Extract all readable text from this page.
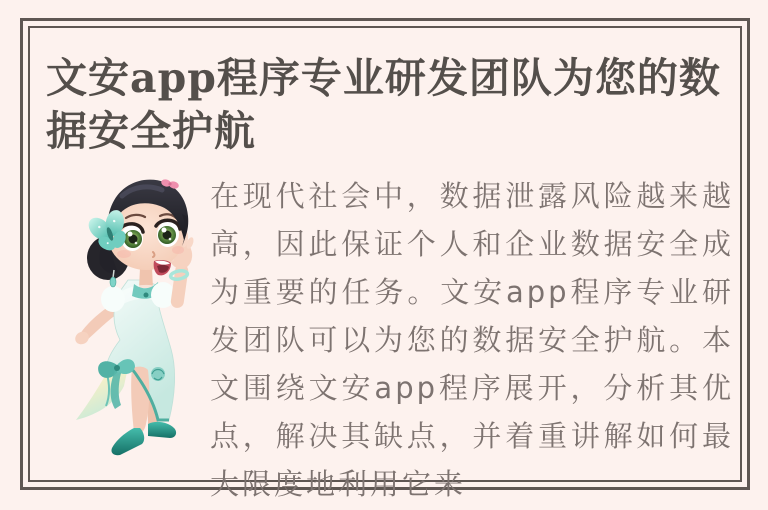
文安app程序专业研发团队为您的数据安全护航

在现代社会中，数据泄露风险越来越高，因此保证个人和企业数据安全成为重要的任务。文安app程序专业研发团队可以为您的数据安全护航。本文围绕文安app程序展开，分析其优点，解决其缺点，并着重讲解如何最大限度地利用它来
